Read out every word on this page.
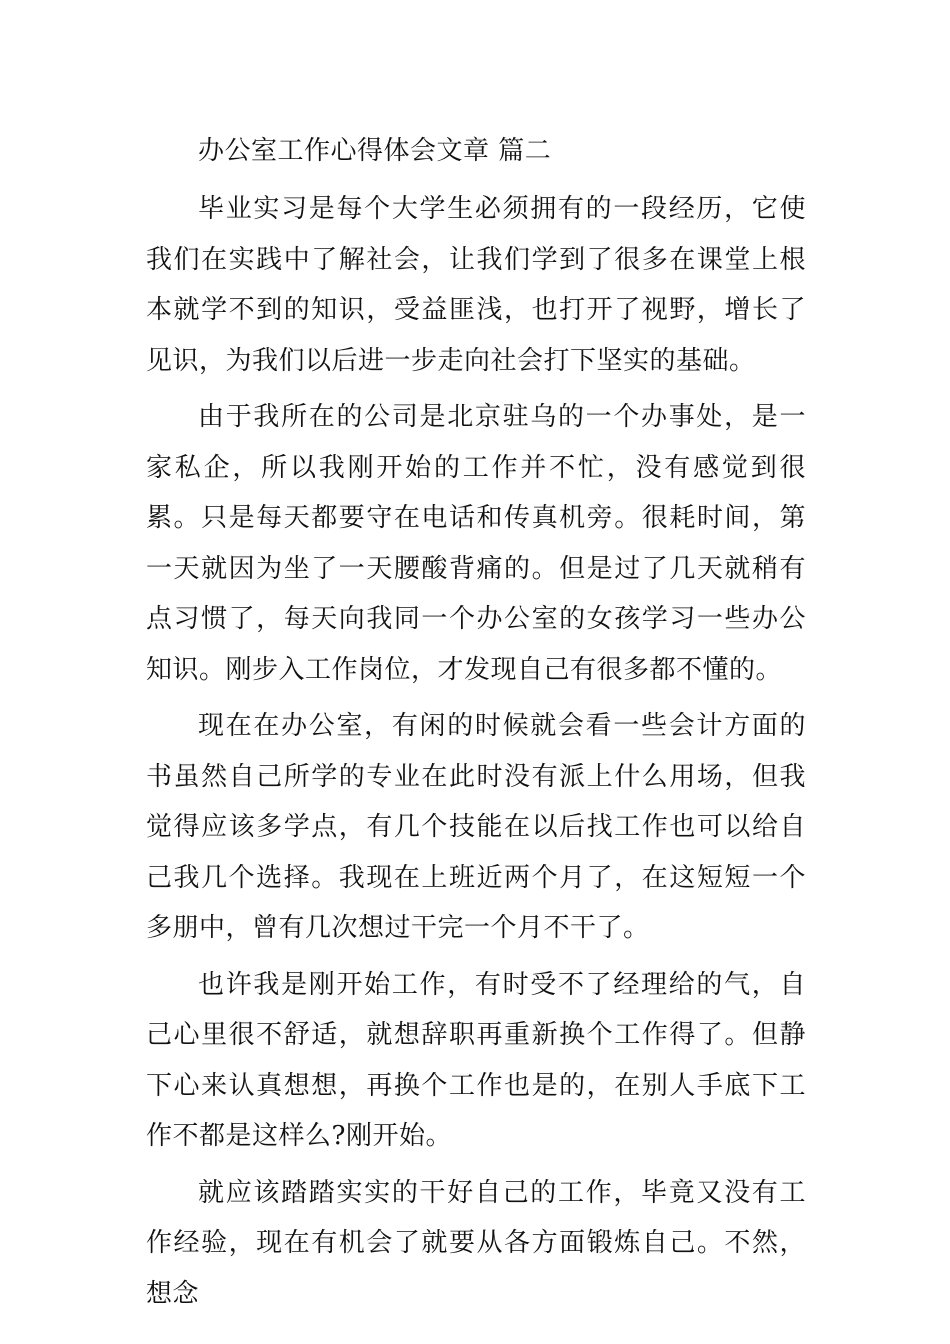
办公室工作心得体会文章 篇二

毕业实习是每个大学生必须拥有的一段经历，它使我们在实践中了解社会，让我们学到了很多在课堂上根本就学不到的知识，受益匪浅，也打开了视野，增长了见识，为我们以后进一步走向社会打下坚实的基础。

由于我所在的公司是北京驻乌的一个办事处，是一家私企，所以我刚开始的工作并不忙，没有感觉到很累。只是每天都要守在电话和传真机旁。很耗时间，第一天就因为坐了一天腰酸背痛的。但是过了几天就稍有点习惯了，每天向我同一个办公室的女孩学习一些办公知识。刚步入工作岗位，才发现自己有很多都不懂的。

现在在办公室，有闲的时候就会看一些会计方面的书虽然自己所学的专业在此时没有派上什么用场，但我觉得应该多学点，有几个技能在以后找工作也可以给自己我几个选择。我现在上班近两个月了，在这短短一个多朋中，曾有几次想过干完一个月不干了。

也许我是刚开始工作，有时受不了经理给的气，自己心里很不舒适，就想辞职再重新换个工作得了。但静下心来认真想想，再换个工作也是的，在别人手底下工作不都是这样么?刚开始。

就应该踏踏实实的干好自己的工作，毕竟又没有工作经验，现在有机会了就要从各方面锻炼自己。不然，想念
